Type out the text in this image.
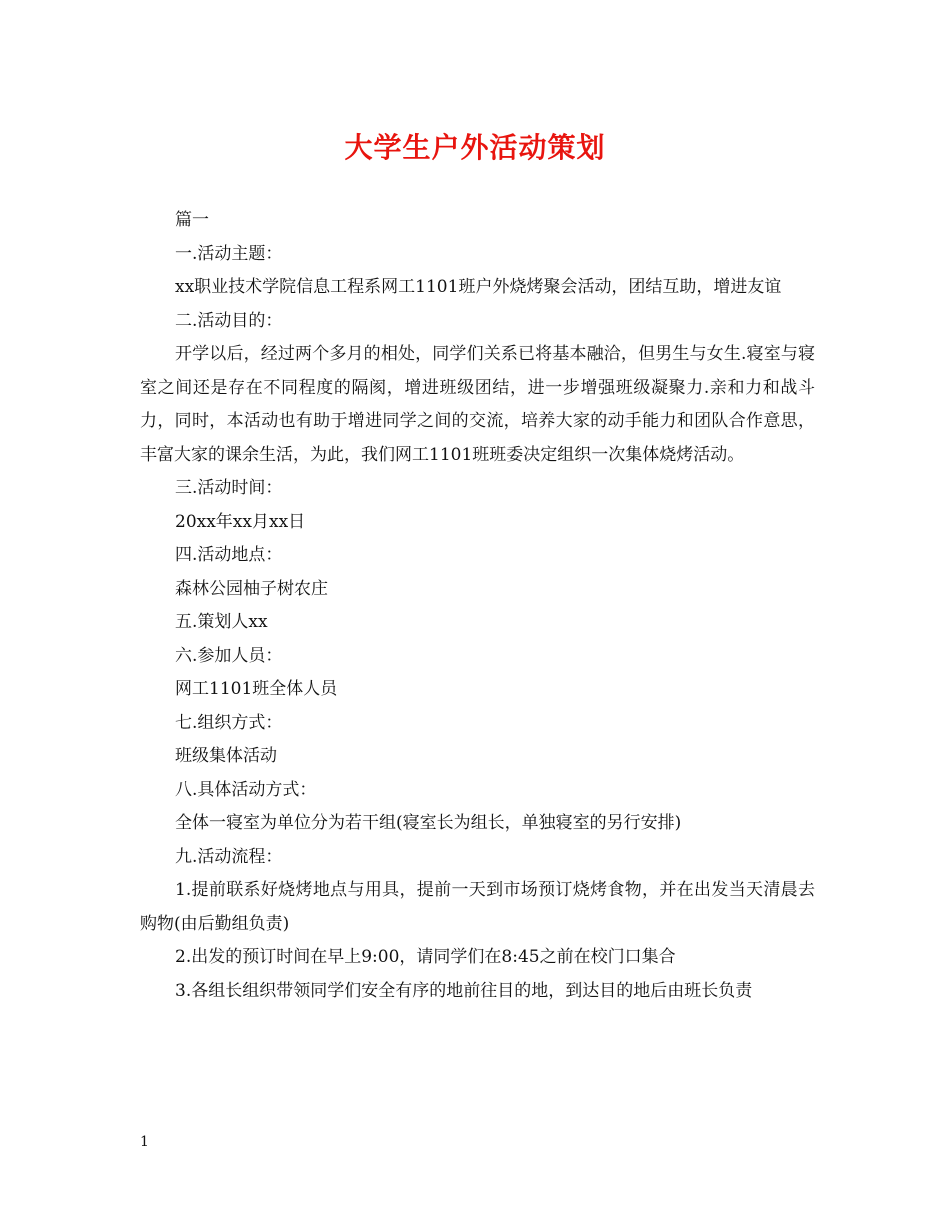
大学生户外活动策划

篇一

一.活动主题：

xx职业技术学院信息工程系网工1101班户外烧烤聚会活动，团结互助，增进友谊

二.活动目的：

开学以后，经过两个多月的相处，同学们关系已将基本融洽，但男生与女生.寝室与寝室之间还是存在不同程度的隔阂，增进班级团结，进一步增强班级凝聚力.亲和力和战斗力，同时，本活动也有助于增进同学之间的交流，培养大家的动手能力和团队合作意思，丰富大家的课余生活，为此，我们网工1101班班委决定组织一次集体烧烤活动。

三.活动时间：

20xx年xx月xx日

四.活动地点：

森林公园柚子树农庄

五.策划人xx

六.参加人员：

网工1101班全体人员

七.组织方式：

班级集体活动

八.具体活动方式：

全体一寝室为单位分为若干组(寝室长为组长，单独寝室的另行安排)

九.活动流程：

1.提前联系好烧烤地点与用具，提前一天到市场预订烧烤食物，并在出发当天清晨去购物(由后勤组负责)

2.出发的预订时间在早上9:00，请同学们在8:45之前在校门口集合

3.各组长组织带领同学们安全有序的地前往目的地，到达目的地后由班长负责

1
